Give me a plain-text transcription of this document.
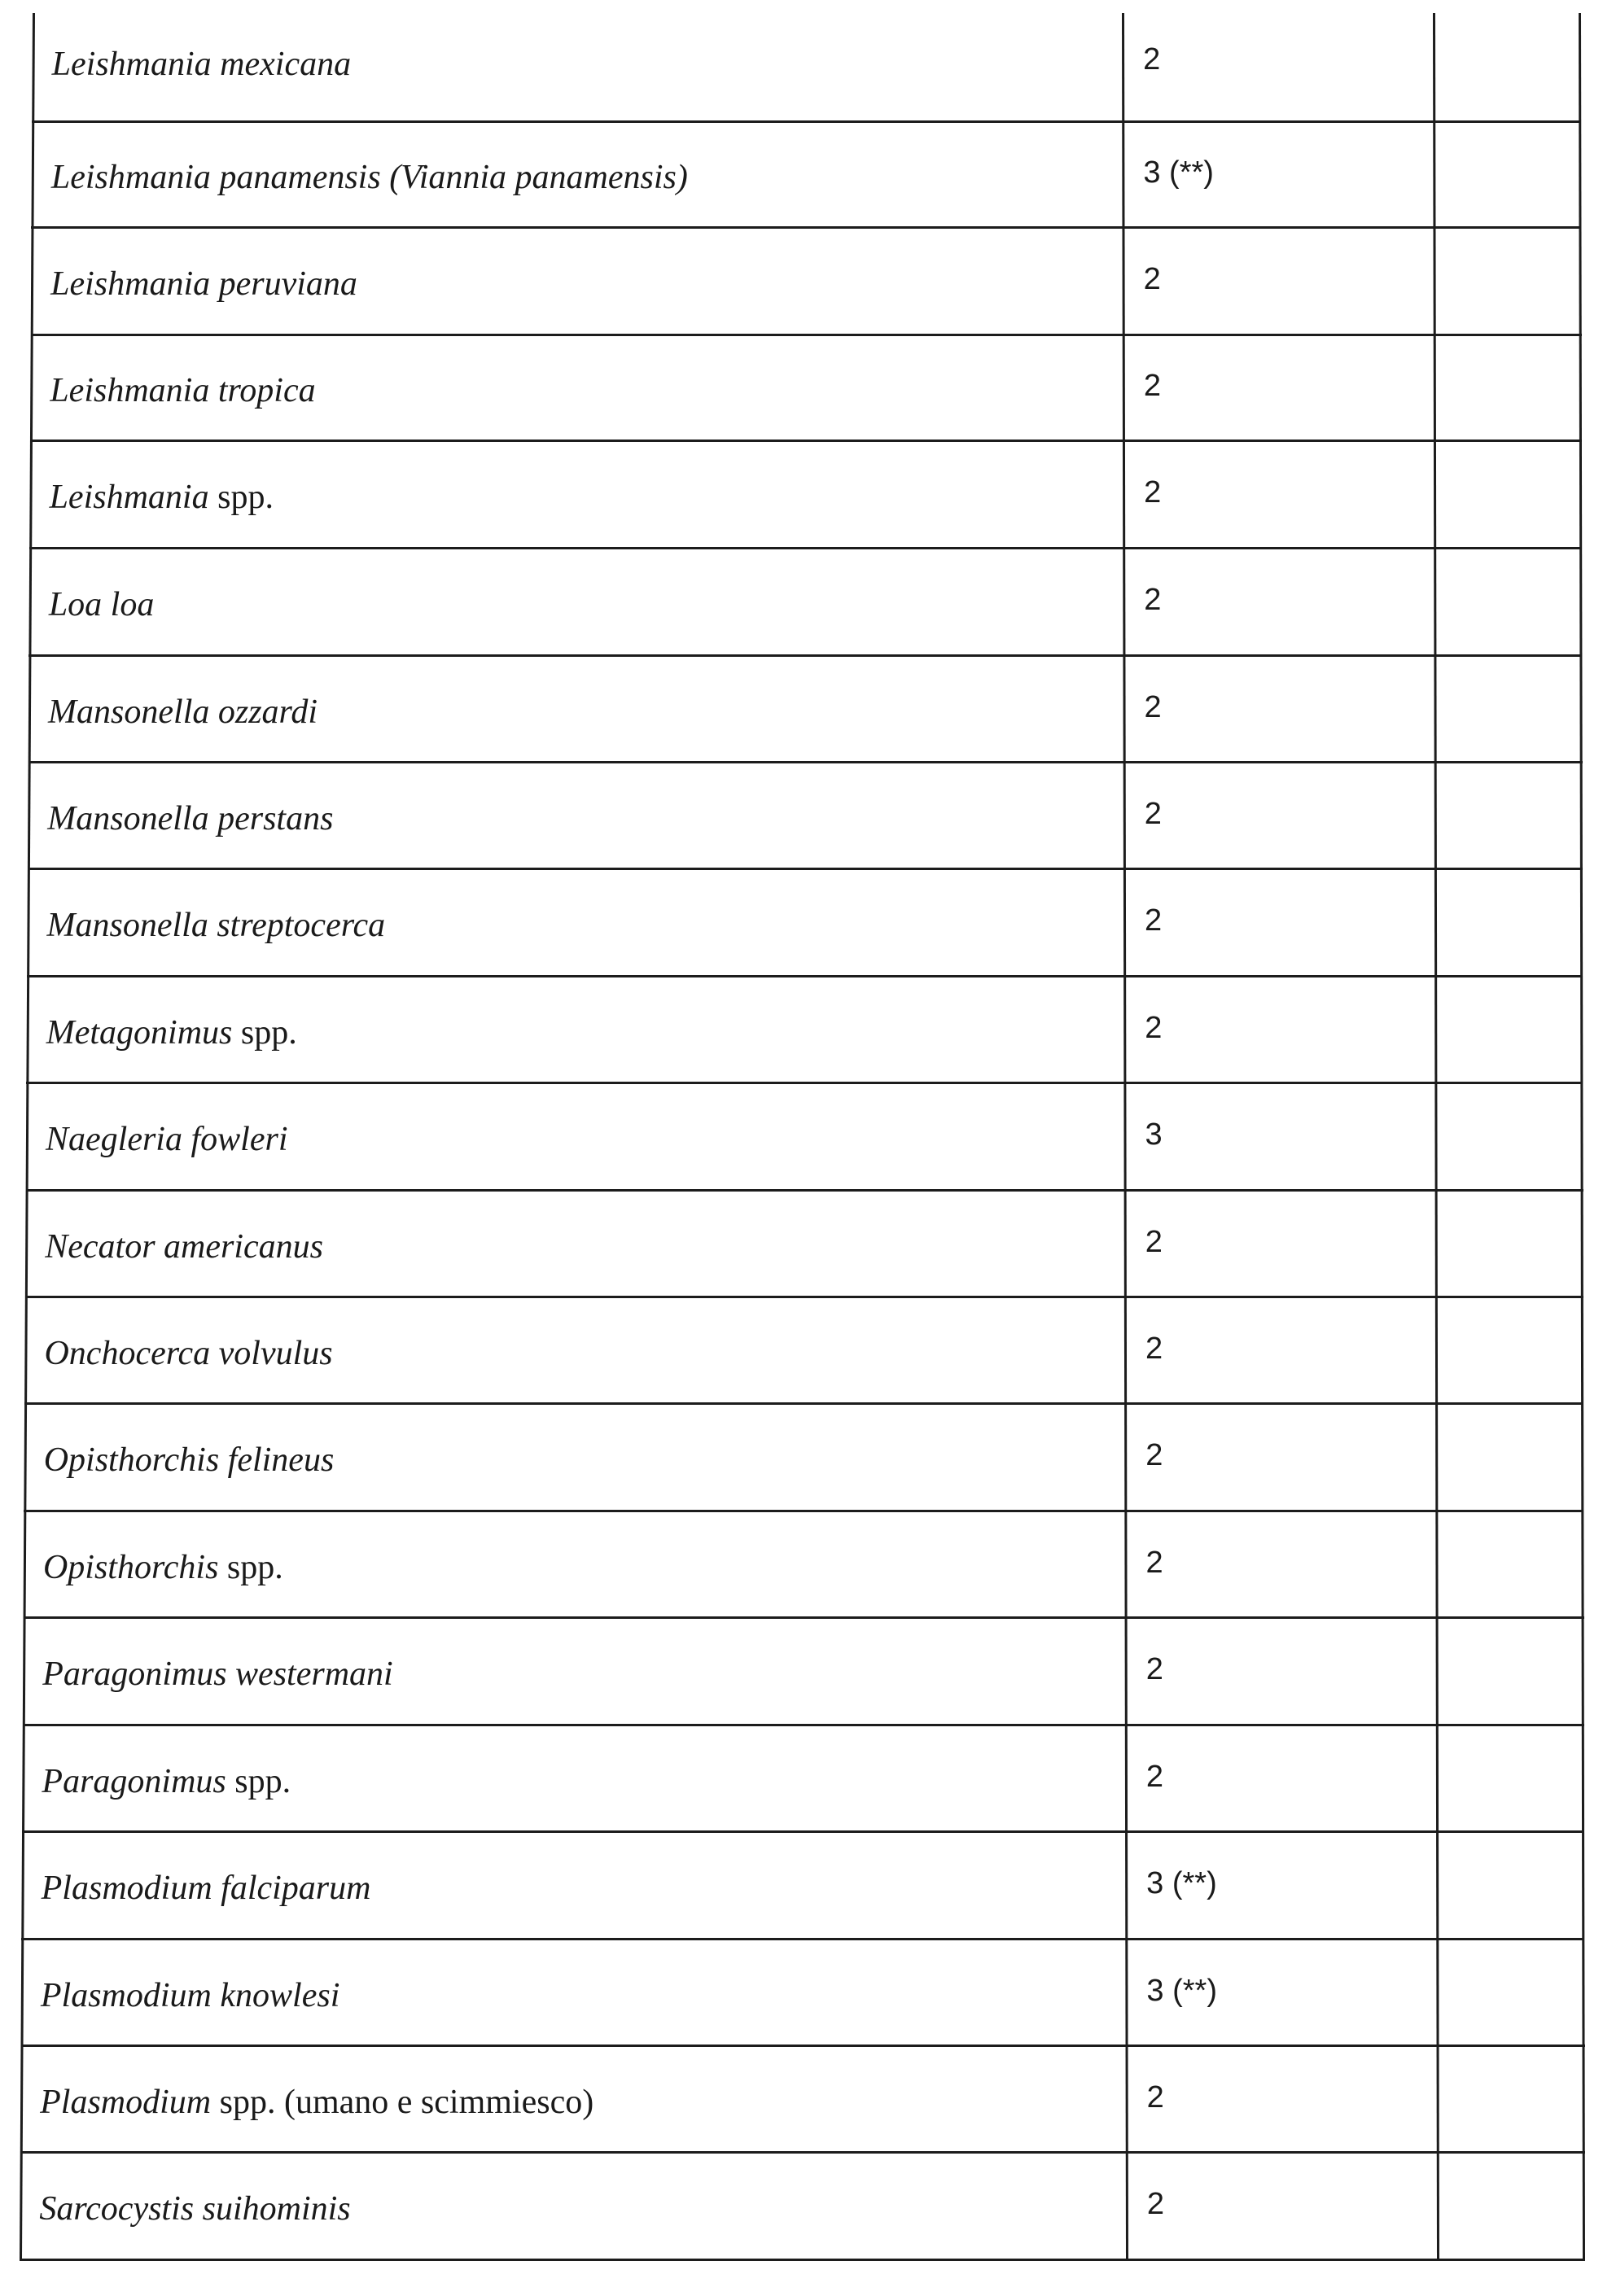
Leishmania mexicana	2
Leishmania panamensis (Viannia panamensis)	3 (**)
Leishmania peruviana	2
Leishmania tropica	2
Leishmania spp.	2
Loa loa	2
Mansonella ozzardi	2
Mansonella perstans	2
Mansonella streptocerca	2
Metagonimus spp.	2
Naegleria fowleri	3
Necator americanus	2
Onchocerca volvulus	2
Opisthorchis felineus	2
Opisthorchis spp.	2
Paragonimus westermani	2
Paragonimus spp.	2
Plasmodium falciparum	3 (**)
Plasmodium knowlesi	3 (**)
Plasmodium spp. (umano e scimmiesco)	2
Sarcocystis suihominis	2
